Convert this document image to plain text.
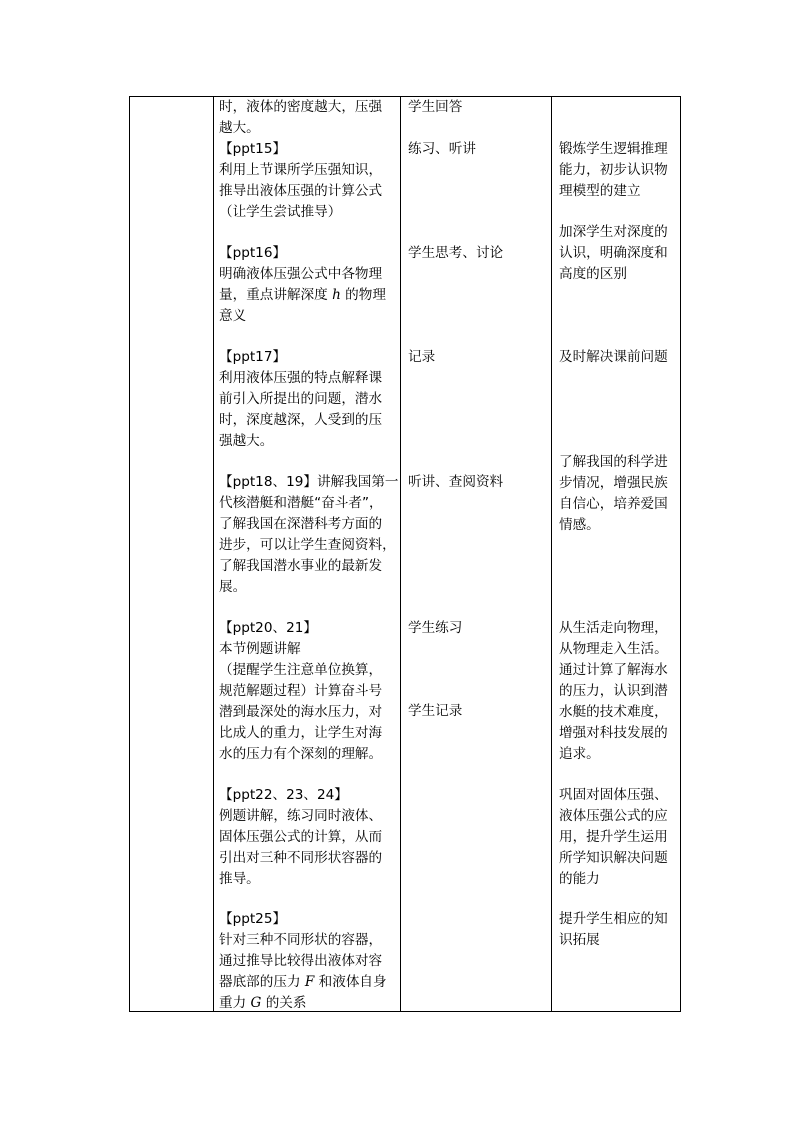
时，液体的密度越大，压强
越大。
学生回答
【ppt15】
利用上节课所学压强知识，
推导出液体压强的计算公式
（让学生尝试推导）
练习、听讲	锻炼学生逻辑推理
能力，初步认识物
理模型的建立
【ppt16】
明确液体压强公式中各物理
量，重点讲解深度 h 的物理
意义
学生思考、讨论
加深学生对深度的
认识，明确深度和
高度的区别
【ppt17】
利用液体压强的特点解释课
前引入所提出的问题，潜水
时，深度越深，人受到的压
强越大。
记录	及时解决课前问题
【ppt18、19】讲解我国第一
代核潜艇和潜艇“奋斗者”，
了解我国在深潜科考方面的
进步，可以让学生查阅资料，
了解我国潜水事业的最新发
展。
听讲、查阅资料
了解我国的科学进
步情况，增强民族
自信心，培养爱国
情感。
【ppt20、21】
本节例题讲解
（提醒学生注意单位换算，
规范解题过程）计算奋斗号
潜到最深处的海水压力，对
比成人的重力，让学生对海
水的压力有个深刻的理解。
学生练习
学生记录
从生活走向物理，
从物理走入生活。
通过计算了解海水
的压力，认识到潜
水艇的技术难度，
增强对科技发展的
追求。
【ppt22、23、24】
例题讲解，练习同时液体、
固体压强公式的计算，从而
引出对三种不同形状容器的
推导。
巩固对固体压强、
液体压强公式的应
用，提升学生运用
所学知识解决问题
的能力
【ppt25】
针对三种不同形状的容器，
通过推导比较得出液体对容
器底部的压力 F 和液体自身
重力 G 的关系
提升学生相应的知
识拓展
